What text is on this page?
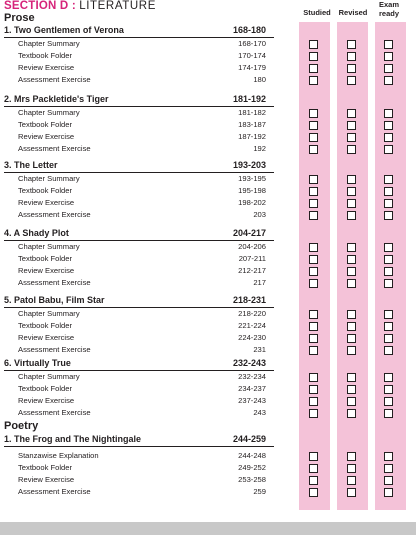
SECTION D : LITERATURE
Studied	Revised
Exam
ready
Prose
1. Two Gentlemen of Verona	168-180
Chapter Summary	168-170
Textbook Folder	170-174
Review Exercise	174-179
Assessment Exercise	180
2. Mrs Packletide's Tiger	181-192
Chapter Summary	181-182
Textbook Folder	183-187
Review Exercise	187-192
Assessment Exercise	192
3. The Letter	193-203
Chapter Summary	193-195
Textbook Folder	195-198
Review Exercise	198-202
Assessment Exercise	203
4. A Shady Plot	204-217
Chapter Summary	204-206
Textbook Folder	207-211
Review Exercise	212-217
Assessment Exercise	217
5. Patol Babu, Film Star	218-231
Chapter Summary	218-220
Textbook Folder	221-224
Review Exercise	224-230
Assessment Exercise	231
6. Virtually True	232-243
Chapter Summary	232-234
Textbook Folder	234-237
Review Exercise	237-243
Assessment Exercise	243
Poetry
1. The Frog and The Nightingale	244-259
Stanzawise Explanation	244-248
Textbook Folder	249-252
Review Exercise	253-258
Assessment Exercise	259
